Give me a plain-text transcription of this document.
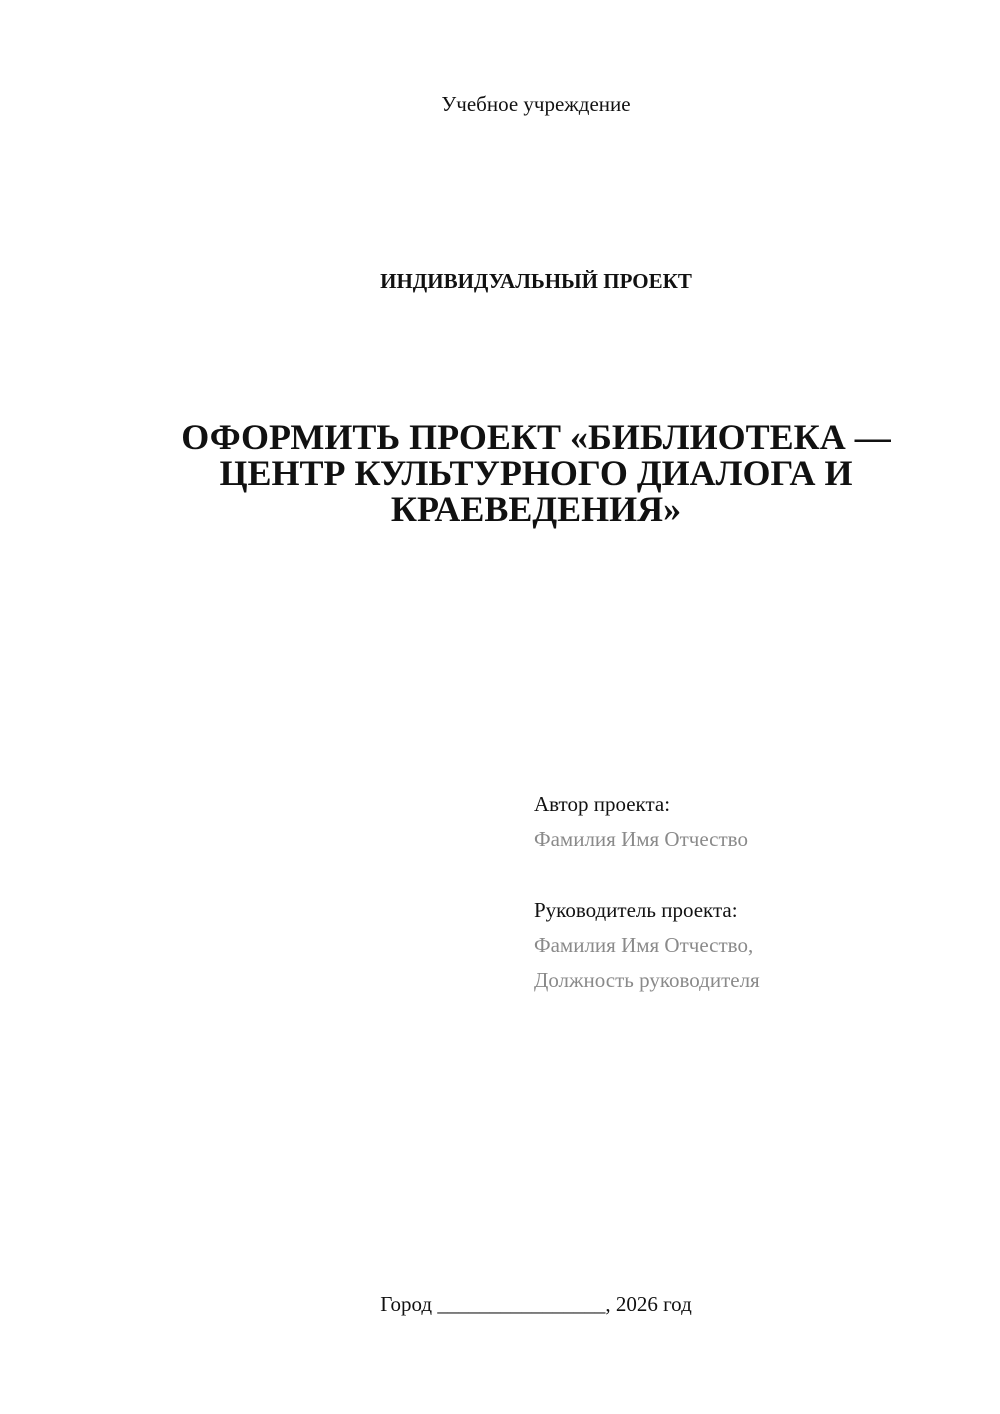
Учебное учреждение

ИНДИВИДУАЛЬНЫЙ ПРОЕКТ

ОФОРМИТЬ ПРОЕКТ «БИБЛИОТЕКА —
ЦЕНТР КУЛЬТУРНОГО ДИАЛОГА И
КРАЕВЕДЕНИЯ»

Автор проекта:

Фамилия Имя Отчество

Руководитель проекта:

Фамилия Имя Отчество,

Должность руководителя

Город ________________, 2026 год
